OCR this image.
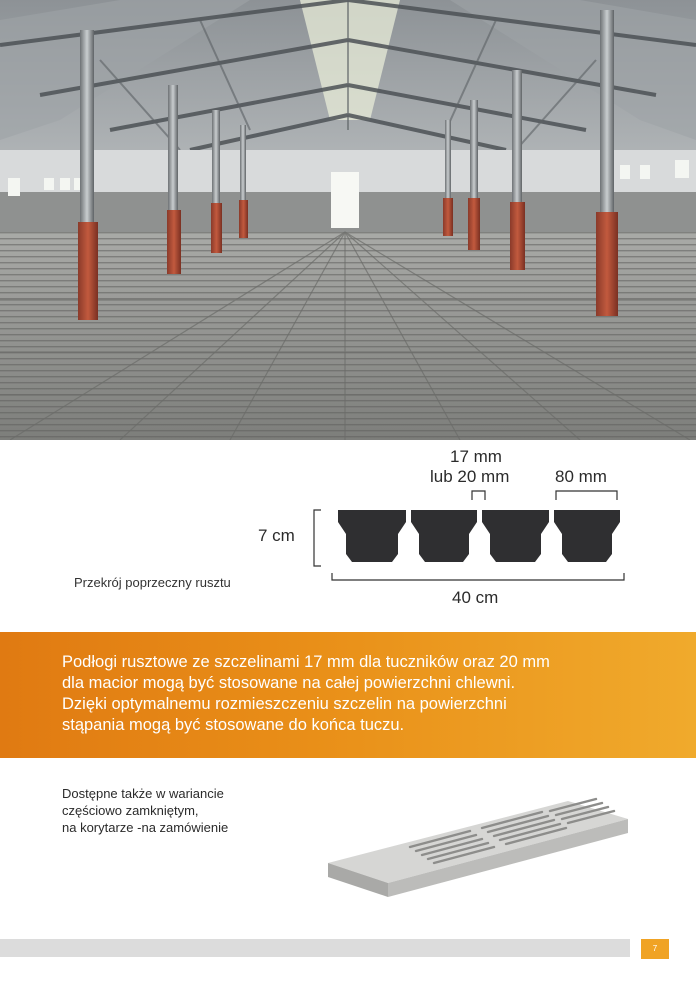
17 mm
lub 20 mm	80 mm
7 cm
40 cm
Przekrój poprzeczny rusztu
Podłogi rusztowe ze szczelinami 17 mm dla tuczników oraz 20 mm
dla macior mogą być stosowane na całej powierzchni chlewni.
Dzięki optymalnemu rozmieszczeniu szczelin na powierzchni
stąpania mogą być stosowane do końca tuczu.
Dostępne także w wariancie
częściowo zamkniętym,
na korytarze -na zamówienie
7
